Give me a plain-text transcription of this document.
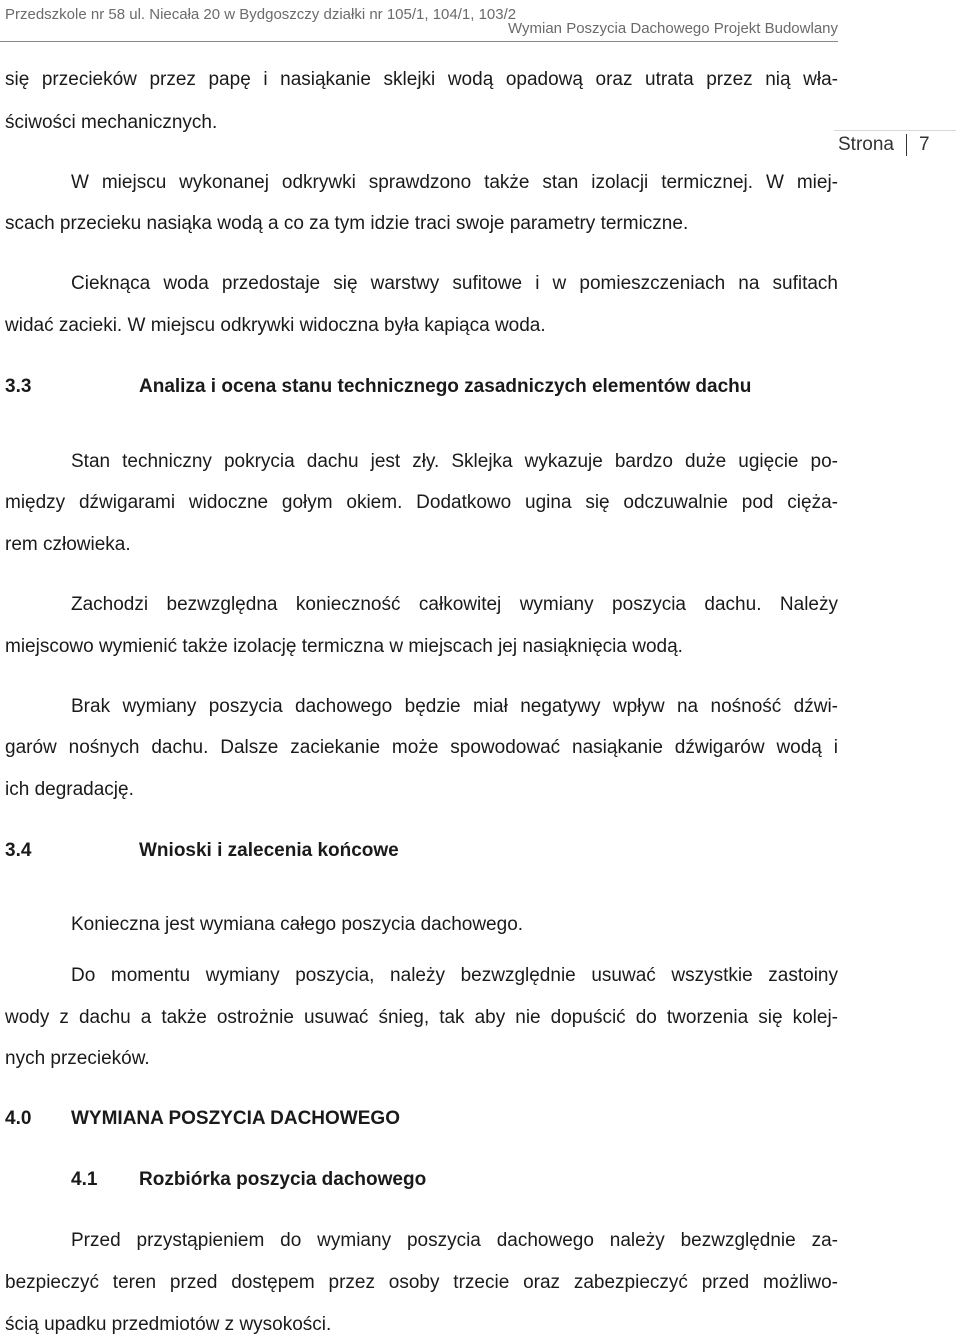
Przedszkole nr 58 ul. Niecała 20 w Bydgoszczy działki nr 105/1, 104/1, 103/2
Wymian Poszycia Dachowego Projekt Budowlany
Strona 7
się przecieków przez papę i nasiąkanie sklejki wodą opadową oraz utrata przez nią wła-
ściwości mechanicznych.
W miejscu wykonanej odkrywki sprawdzono także stan izolacji termicznej. W miej-
scach przecieku nasiąka wodą a co za tym idzie traci swoje parametry termiczne.
Cieknąca woda przedostaje się warstwy sufitowe i w pomieszczeniach na sufitach
widać zacieki. W miejscu odkrywki widoczna była kapiąca woda.
3.3	Analiza i ocena stanu technicznego zasadniczych elementów dachu
Stan techniczny pokrycia dachu jest zły. Sklejka wykazuje bardzo duże ugięcie po-
między dźwigarami widoczne gołym okiem. Dodatkowo ugina się odczuwalnie pod cięża-
rem człowieka.
Zachodzi bezwzględna konieczność całkowitej wymiany poszycia dachu. Należy
miejscowo wymienić także izolację termiczna w miejscach jej nasiąknięcia wodą.
Brak wymiany poszycia dachowego będzie miał negatywy wpływ na nośność dźwi-
garów nośnych dachu. Dalsze zaciekanie może spowodować nasiąkanie dźwigarów wodą i
ich degradację.
3.4	Wnioski i zalecenia końcowe
Konieczna jest wymiana całego poszycia dachowego.
Do momentu wymiany poszycia, należy bezwzględnie usuwać wszystkie zastoiny
wody z dachu a także ostrożnie usuwać śnieg, tak aby nie dopuścić do tworzenia się kolej-
nych przecieków.
4.0 WYMIANA POSZYCIA DACHOWEGO
4.1 Rozbiórka poszycia dachowego
Przed przystąpieniem do wymiany poszycia dachowego należy bezwzględnie za-
bezpieczyć teren przed dostępem przez osoby trzecie oraz zabezpieczyć przed możliwo-
ścią upadku przedmiotów z wysokości.
